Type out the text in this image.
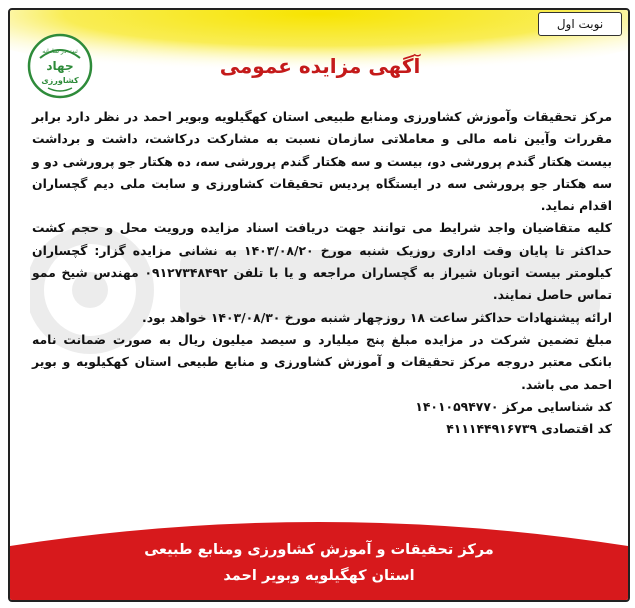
نوبت اول
ثبت در سامانه
جهاد
کشاورزی
آگهی مزایده عمومی

مرکز تحقیقات وآموزش کشاورزی ومنابع طبیعی استان کهگیلویه وبویر احمد در نظر دارد برابر مقررات وآیین نامه مالی و معاملاتی سازمان نسبت به مشارکت درکاشت، داشت و برداشت بیست هکتار گندم پرورشی دو، بیست و سه هکتار گندم پرورشی سه، ده هکتار جو پرورشی دو و سه هکتار جو پرورشی سه در ایستگاه پردیس تحقیقات کشاورزی و سابت ملی دیم گچساران اقدام نماید.

کلیه متقاضیان واجد شرایط می توانند جهت دریافت اسناد مزایده ورویت محل و حجم کشت حداکثر تا پایان وقت اداری روزیک شنبه مورخ ۱۴۰۳/۰۸/۲۰ به نشانی مزایده گزار: گچساران کیلومتر بیست اتوبان شیراز به گچساران مراجعه و یا با تلفن ۰۹۱۲۷۳۴۸۴۹۲ مهندس شیخ ممو تماس حاصل نمایند.

ارائه پیشنهادات حداکثر ساعت ۱۸ روزچهار شنبه مورخ ۱۴۰۳/۰۸/۳۰ خواهد بود.

مبلغ تضمین شرکت در مزایده مبلغ پنج میلیارد و سیصد میلیون ریال به صورت ضمانت نامه بانکی معتبر دروجه مرکز تحقیقات و آموزش کشاورزی و منابع طبیعی استان کهکیلویه و بویر احمد می باشد.

کد شناسایی مرکز ۱۴۰۱۰۵۹۴۷۷۰

کد اقتصادی ۴۱۱۱۴۴۹۱۶۷۳۹

مرکز تحقیقات و آموزش کشاورزی ومنابع طبیعی
استان کهگیلویه وبویر احمد
